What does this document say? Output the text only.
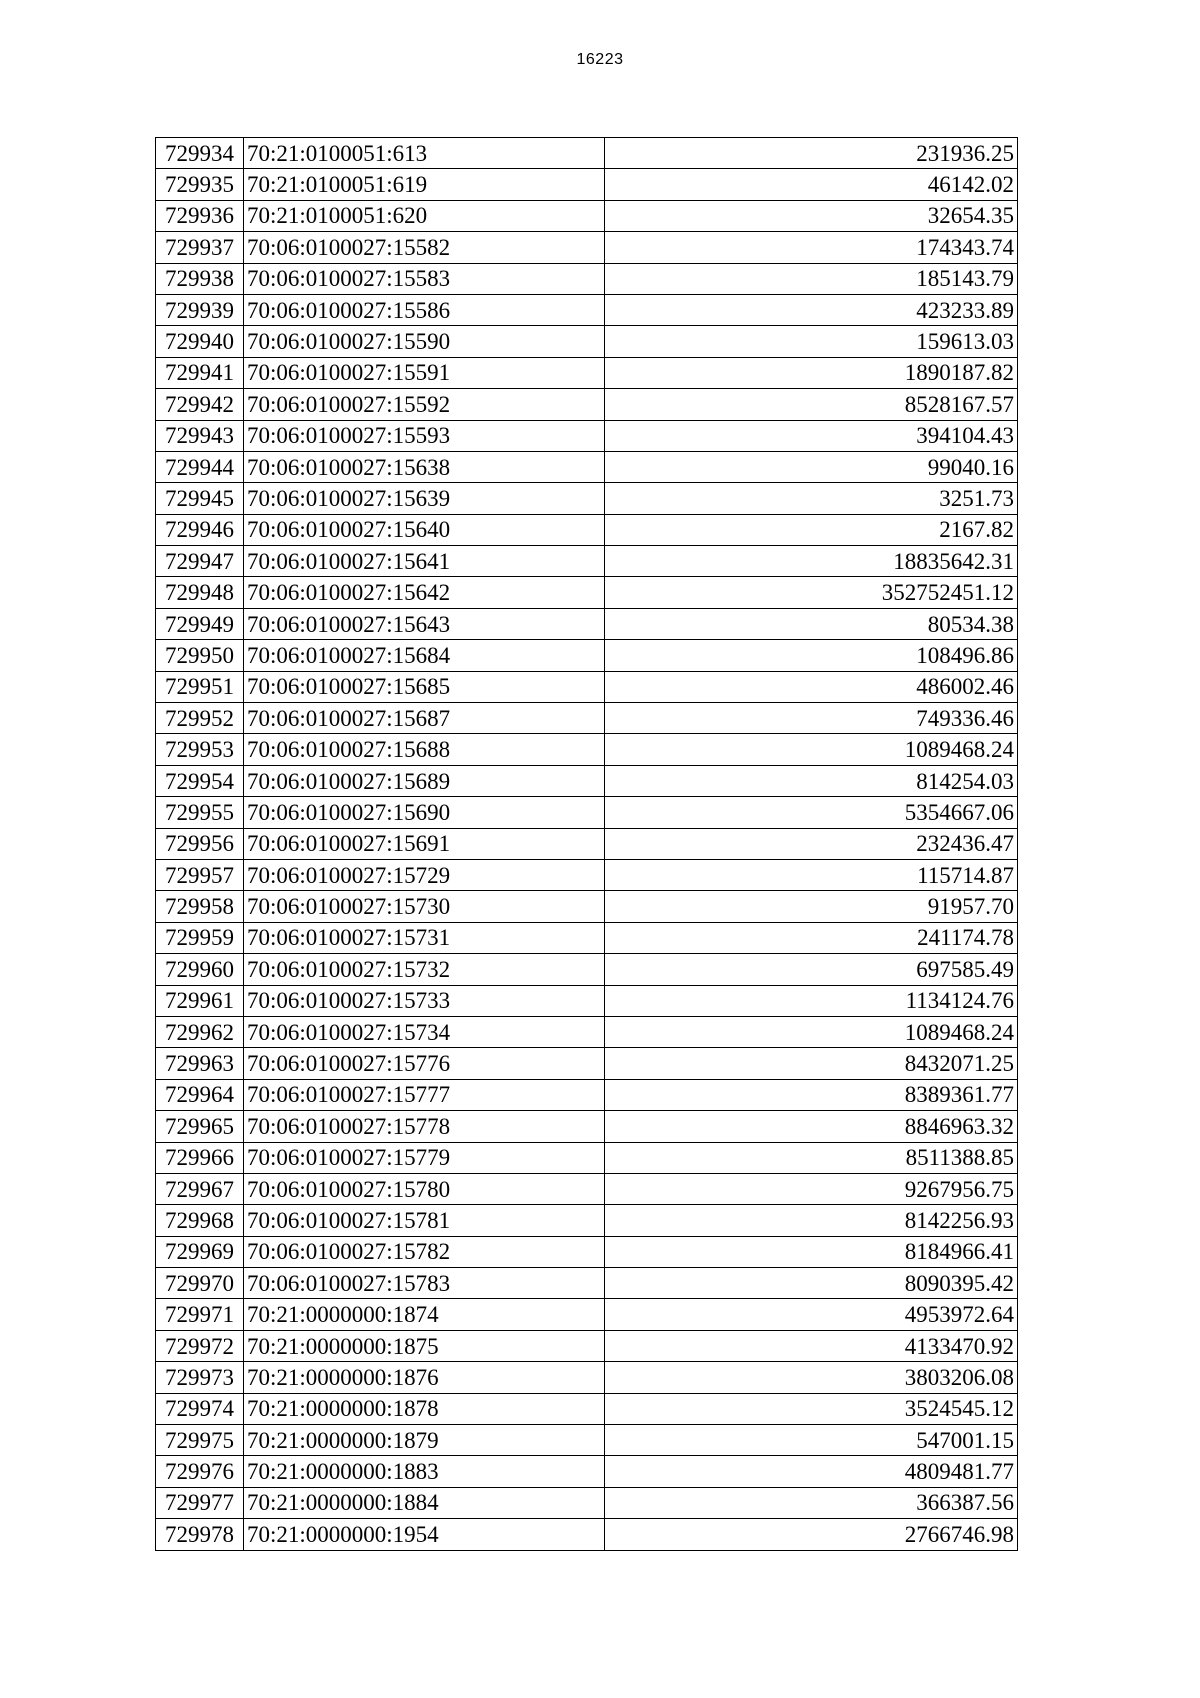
16223
729934	70:21:0100051:613	231936.25
729935	70:21:0100051:619	46142.02
729936	70:21:0100051:620	32654.35
729937	70:06:0100027:15582	174343.74
729938	70:06:0100027:15583	185143.79
729939	70:06:0100027:15586	423233.89
729940	70:06:0100027:15590	159613.03
729941	70:06:0100027:15591	1890187.82
729942	70:06:0100027:15592	8528167.57
729943	70:06:0100027:15593	394104.43
729944	70:06:0100027:15638	99040.16
729945	70:06:0100027:15639	3251.73
729946	70:06:0100027:15640	2167.82
729947	70:06:0100027:15641	18835642.31
729948	70:06:0100027:15642	352752451.12
729949	70:06:0100027:15643	80534.38
729950	70:06:0100027:15684	108496.86
729951	70:06:0100027:15685	486002.46
729952	70:06:0100027:15687	749336.46
729953	70:06:0100027:15688	1089468.24
729954	70:06:0100027:15689	814254.03
729955	70:06:0100027:15690	5354667.06
729956	70:06:0100027:15691	232436.47
729957	70:06:0100027:15729	115714.87
729958	70:06:0100027:15730	91957.70
729959	70:06:0100027:15731	241174.78
729960	70:06:0100027:15732	697585.49
729961	70:06:0100027:15733	1134124.76
729962	70:06:0100027:15734	1089468.24
729963	70:06:0100027:15776	8432071.25
729964	70:06:0100027:15777	8389361.77
729965	70:06:0100027:15778	8846963.32
729966	70:06:0100027:15779	8511388.85
729967	70:06:0100027:15780	9267956.75
729968	70:06:0100027:15781	8142256.93
729969	70:06:0100027:15782	8184966.41
729970	70:06:0100027:15783	8090395.42
729971	70:21:0000000:1874	4953972.64
729972	70:21:0000000:1875	4133470.92
729973	70:21:0000000:1876	3803206.08
729974	70:21:0000000:1878	3524545.12
729975	70:21:0000000:1879	547001.15
729976	70:21:0000000:1883	4809481.77
729977	70:21:0000000:1884	366387.56
729978	70:21:0000000:1954	2766746.98
